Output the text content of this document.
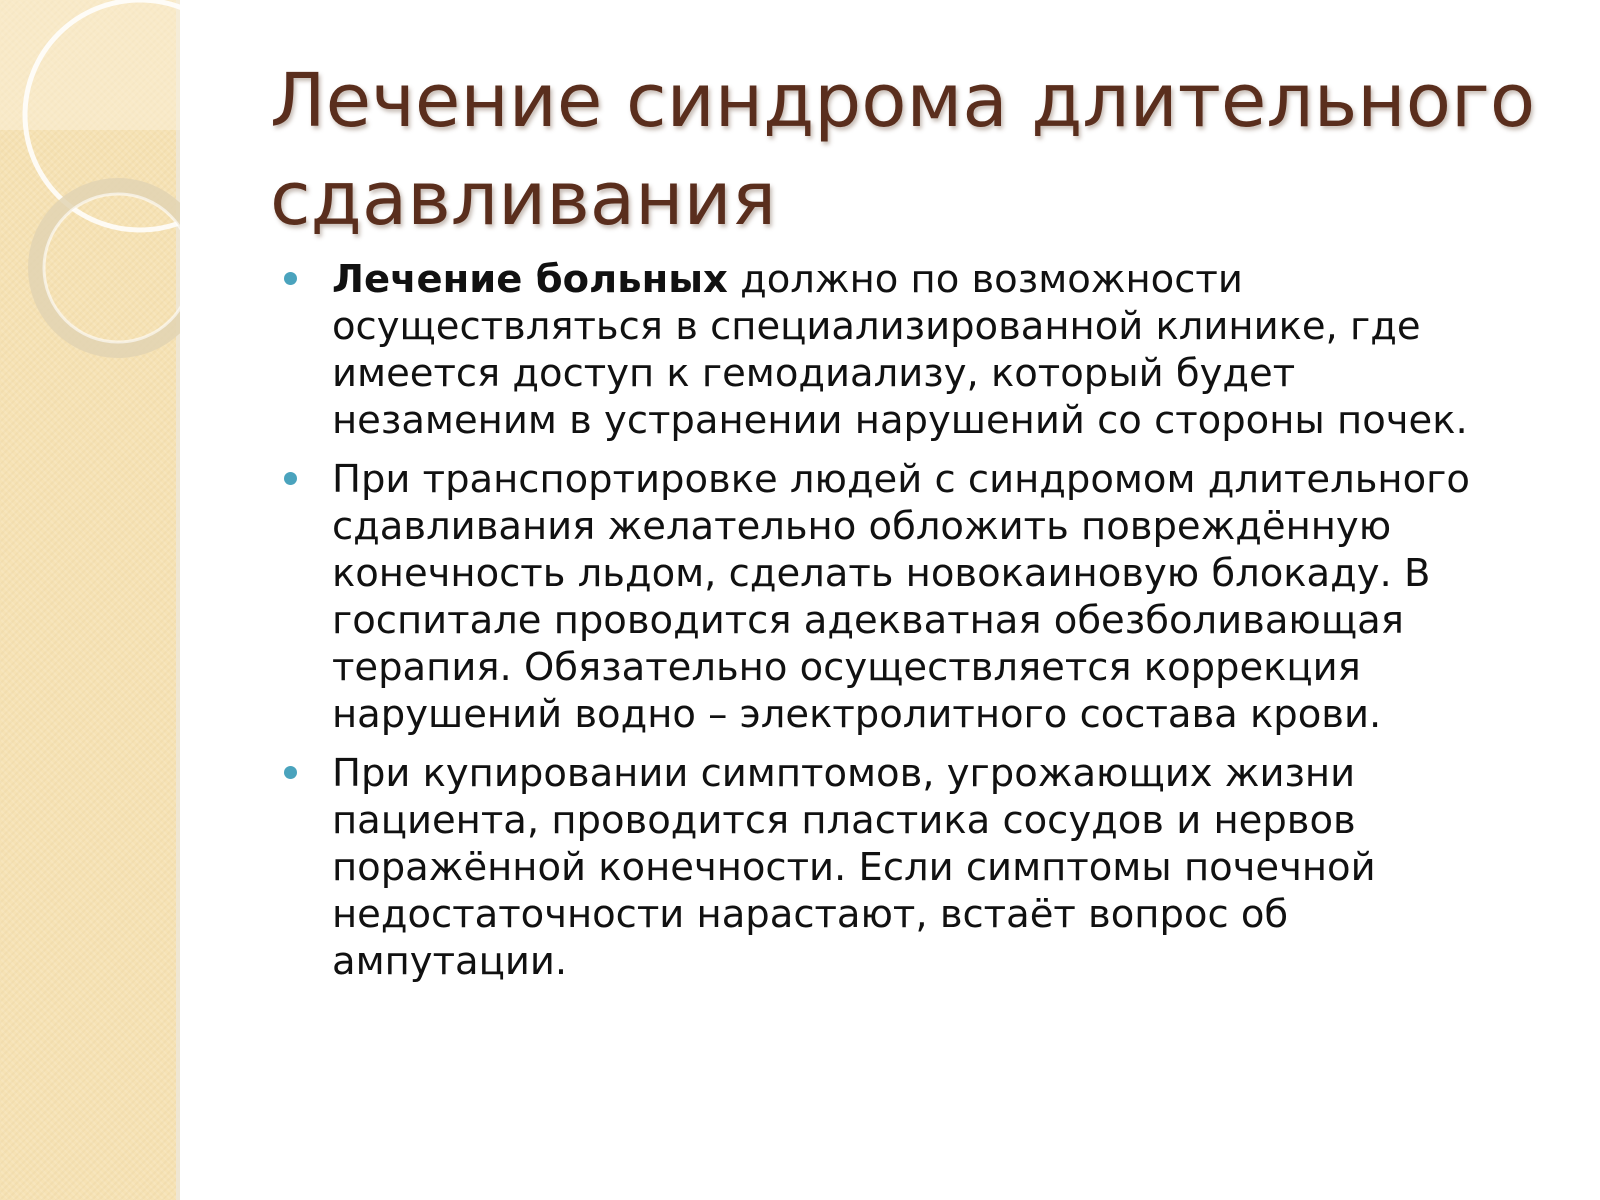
Лечение синдрома длительного сдавливания
Лечение больных должно по возможности осуществляться в специализированной клинике, где имеется доступ к гемодиализу, который будет незаменим в устранении нарушений со стороны почек.
При транспортировке людей с синдромом длительного сдавливания желательно обложить повреждённую конечность льдом, сделать новокаиновую блокаду. В госпитале проводится адекватная обезболивающая терапия. Обязательно осуществляется коррекция нарушений водно – электролитного состава крови.
При купировании симптомов, угрожающих жизни пациента, проводится пластика сосудов и нервов поражённой конечности. Если симптомы почечной недостаточности нарастают, встаёт вопрос об ампутации.
